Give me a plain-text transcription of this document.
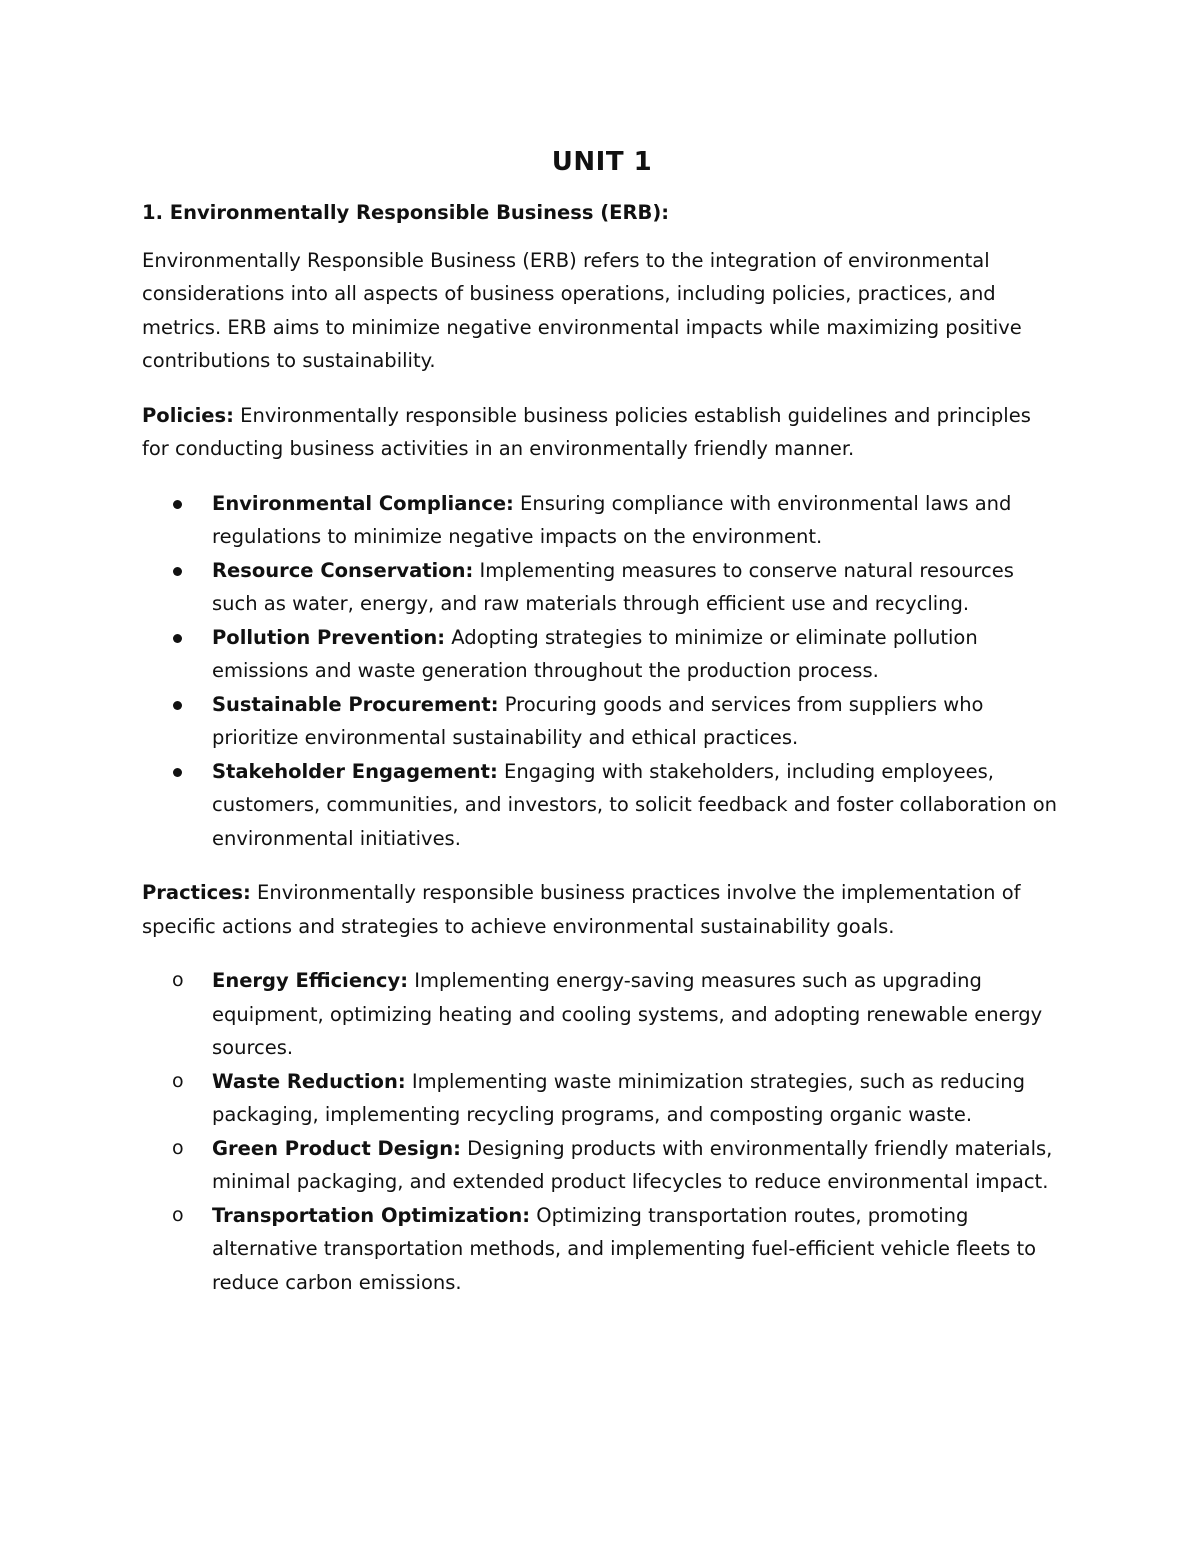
UNIT 1
1. Environmentally Responsible Business (ERB):

Environmentally Responsible Business (ERB) refers to the integration of environmental considerations into all aspects of business operations, including policies, practices, and metrics. ERB aims to minimize negative environmental impacts while maximizing positive contributions to sustainability.

Policies: Environmentally responsible business policies establish guidelines and principles for conducting business activities in an environmentally friendly manner.

Environmental Compliance: Ensuring compliance with environmental laws and regulations to minimize negative impacts on the environment.
Resource Conservation: Implementing measures to conserve natural resources such as water, energy, and raw materials through efficient use and recycling.
Pollution Prevention: Adopting strategies to minimize or eliminate pollution emissions and waste generation throughout the production process.
Sustainable Procurement: Procuring goods and services from suppliers who prioritize environmental sustainability and ethical practices.
Stakeholder Engagement: Engaging with stakeholders, including employees, customers, communities, and investors, to solicit feedback and foster collaboration on environmental initiatives.

Practices: Environmentally responsible business practices involve the implementation of specific actions and strategies to achieve environmental sustainability goals.

o Energy Efficiency: Implementing energy-saving measures such as upgrading equipment, optimizing heating and cooling systems, and adopting renewable energy sources.
o Waste Reduction: Implementing waste minimization strategies, such as reducing packaging, implementing recycling programs, and composting organic waste.
o Green Product Design: Designing products with environmentally friendly materials, minimal packaging, and extended product lifecycles to reduce environmental impact.
o Transportation Optimization: Optimizing transportation routes, promoting alternative transportation methods, and implementing fuel-efficient vehicle fleets to reduce carbon emissions.
